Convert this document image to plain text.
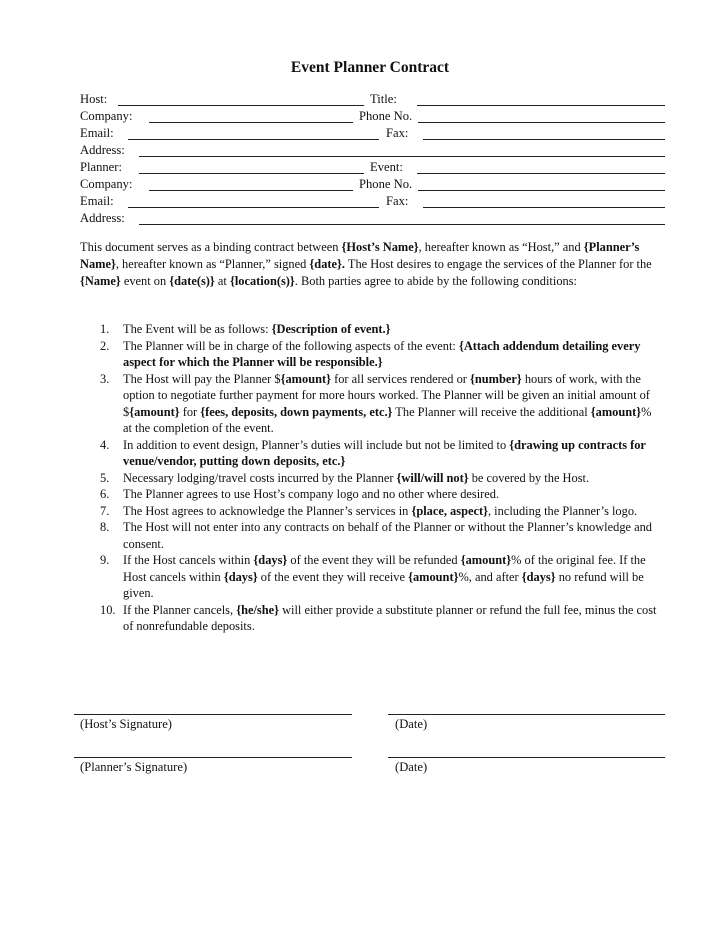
Event Planner Contract
Host:	Title:
Company:	Phone No.
Email:	Fax:
Address:
Planner:	Event:
Company:	Phone No.
Email:	Fax:
Address:

This document serves as a binding contract between {Host’s Name}, hereafter known as “Host,” and {Planner’s Name}, hereafter known as “Planner,” signed {date}. The Host desires to engage the services of the Planner for the {Name} event on {date(s)} at {location(s)}. Both parties agree to abide by the following conditions:

1.	The Event will be as follows: {Description of event.}
2.	The Planner will be in charge of the following aspects of the event: {Attach addendum detailing every aspect for which the Planner will be responsible.}
3.	The Host will pay the Planner ${amount} for all services rendered or {number} hours of work, with the option to negotiate further payment for more hours worked. The Planner will be given an initial amount of ${amount} for {fees, deposits, down payments, etc.} The Planner will receive the additional {amount}% at the completion of the event.
4.	In addition to event design, Planner’s duties will include but not be limited to {drawing up contracts for venue/vendor, putting down deposits, etc.}
5.	Necessary lodging/travel costs incurred by the Planner {will/will not} be covered by the Host.
6.	The Planner agrees to use Host’s company logo and no other where desired.
7.	The Host agrees to acknowledge the Planner’s services in {place, aspect}, including the Planner’s logo.
8.	The Host will not enter into any contracts on behalf of the Planner or without the Planner’s knowledge and consent.
9.	If the Host cancels within {days} of the event they will be refunded {amount}% of the original fee. If the Host cancels within {days} of the event they will receive {amount}%, and after {days} no refund will be given.
10. If the Planner cancels, {he/she} will either provide a substitute planner or refund the full fee, minus the cost of nonrefundable deposits.
(Host’s Signature)	(Date)
(Planner’s Signature)	(Date)
